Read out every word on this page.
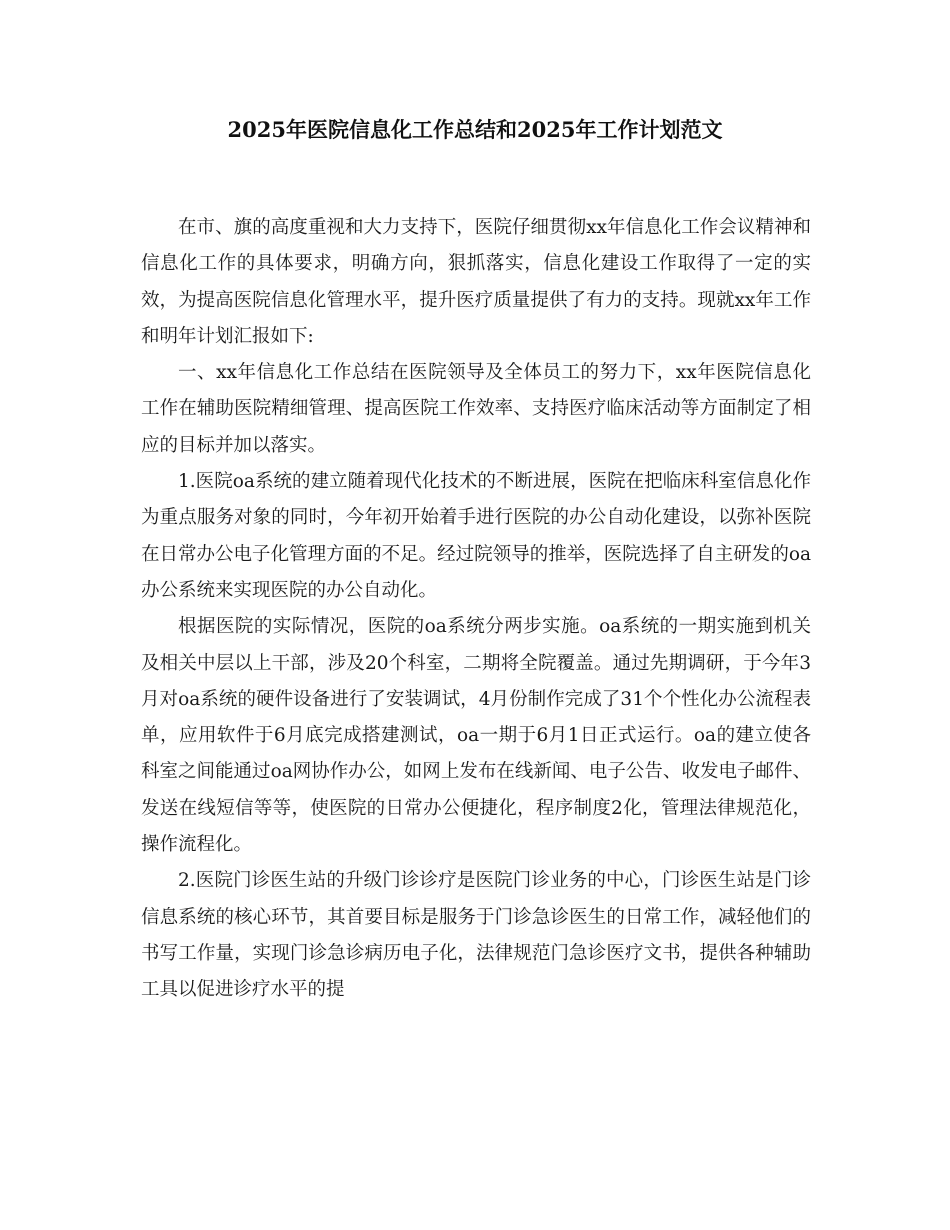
2025年医院信息化工作总结和2025年工作计划范文

在市、旗的高度重视和大力支持下，医院仔细贯彻xx年信息化工作会议精神和信息化工作的具体要求，明确方向，狠抓落实，信息化建设工作取得了一定的实效，为提高医院信息化管理水平，提升医疗质量提供了有力的支持。现就xx年工作和明年计划汇报如下:

一、xx年信息化工作总结在医院领导及全体员工的努力下，xx年医院信息化工作在辅助医院精细管理、提高医院工作效率、支持医疗临床活动等方面制定了相应的目标并加以落实。

1.医院oa系统的建立随着现代化技术的不断进展，医院在把临床科室信息化作为重点服务对象的同时，今年初开始着手进行医院的办公自动化建设，以弥补医院在日常办公电子化管理方面的不足。经过院领导的推举，医院选择了自主研发的oa办公系统来实现医院的办公自动化。

根据医院的实际情况，医院的oa系统分两步实施。oa系统的一期实施到机关及相关中层以上干部，涉及20个科室，二期将全院覆盖。通过先期调研，于今年3月对oa系统的硬件设备进行了安装调试，4月份制作完成了31个个性化办公流程表单，应用软件于6月底完成搭建测试，oa一期于6月1日正式运行。oa的建立使各科室之间能通过oa网协作办公，如网上发布在线新闻、电子公告、收发电子邮件、发送在线短信等等，使医院的日常办公便捷化，程序制度2化，管理法律规范化，操作流程化。

2.医院门诊医生站的升级门诊诊疗是医院门诊业务的中心，门诊医生站是门诊信息系统的核心环节，其首要目标是服务于门诊急诊医生的日常工作，减轻他们的书写工作量，实现门诊急诊病历电子化，法律规范门急诊医疗文书，提供各种辅助工具以促进诊疗水平的提
